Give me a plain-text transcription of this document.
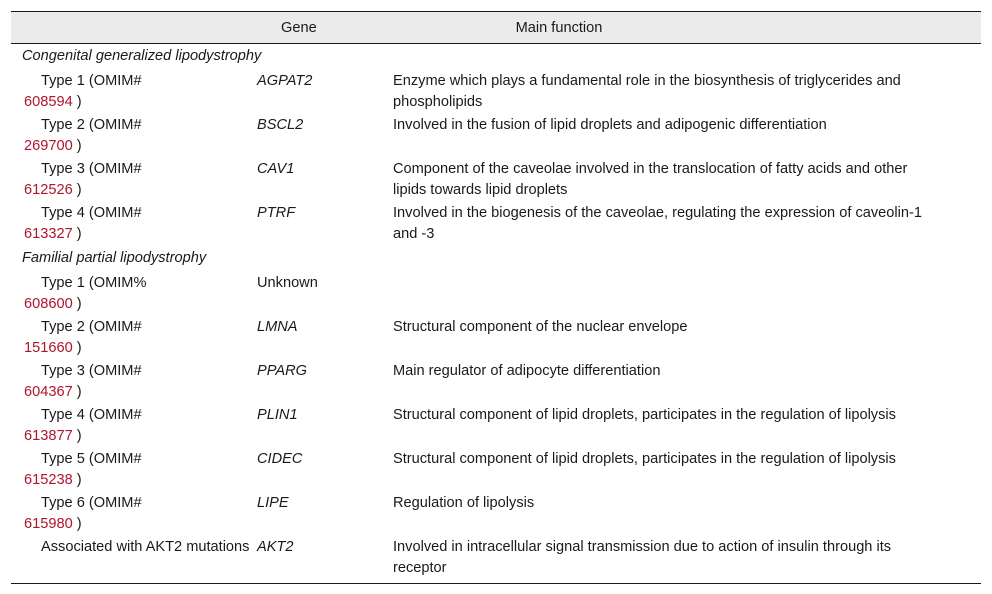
	Gene	Main function
Congenital generalized lipodystrophy		
Type 1 (OMIM#
608594 )	AGPAT2	Enzyme which plays a fundamental role in the biosynthesis of triglycerides and phospholipids
Type 2 (OMIM#
269700 )	BSCL2	Involved in the fusion of lipid droplets and adipogenic differentiation
Type 3 (OMIM#
612526 )	CAV1	Component of the caveolae involved in the translocation of fatty acids and other lipids towards lipid droplets
Type 4 (OMIM#
613327 )	PTRF	Involved in the biogenesis of the caveolae, regulating the expression of caveolin-1 and -3
Familial partial lipodystrophy		
Type 1 (OMIM%
608600 )	Unknown	
Type 2 (OMIM#
151660 )	LMNA	Structural component of the nuclear envelope
Type 3 (OMIM#
604367 )	PPARG	Main regulator of adipocyte differentiation
Type 4 (OMIM#
613877 )	PLIN1	Structural component of lipid droplets, participates in the regulation of lipolysis
Type 5 (OMIM#
615238 )	CIDEC	Structural component of lipid droplets, participates in the regulation of lipolysis
Type 6 (OMIM#
615980 )	LIPE	Regulation of lipolysis
Associated with AKT2 mutations	AKT2	Involved in intracellular signal transmission due to action of insulin through its receptor
